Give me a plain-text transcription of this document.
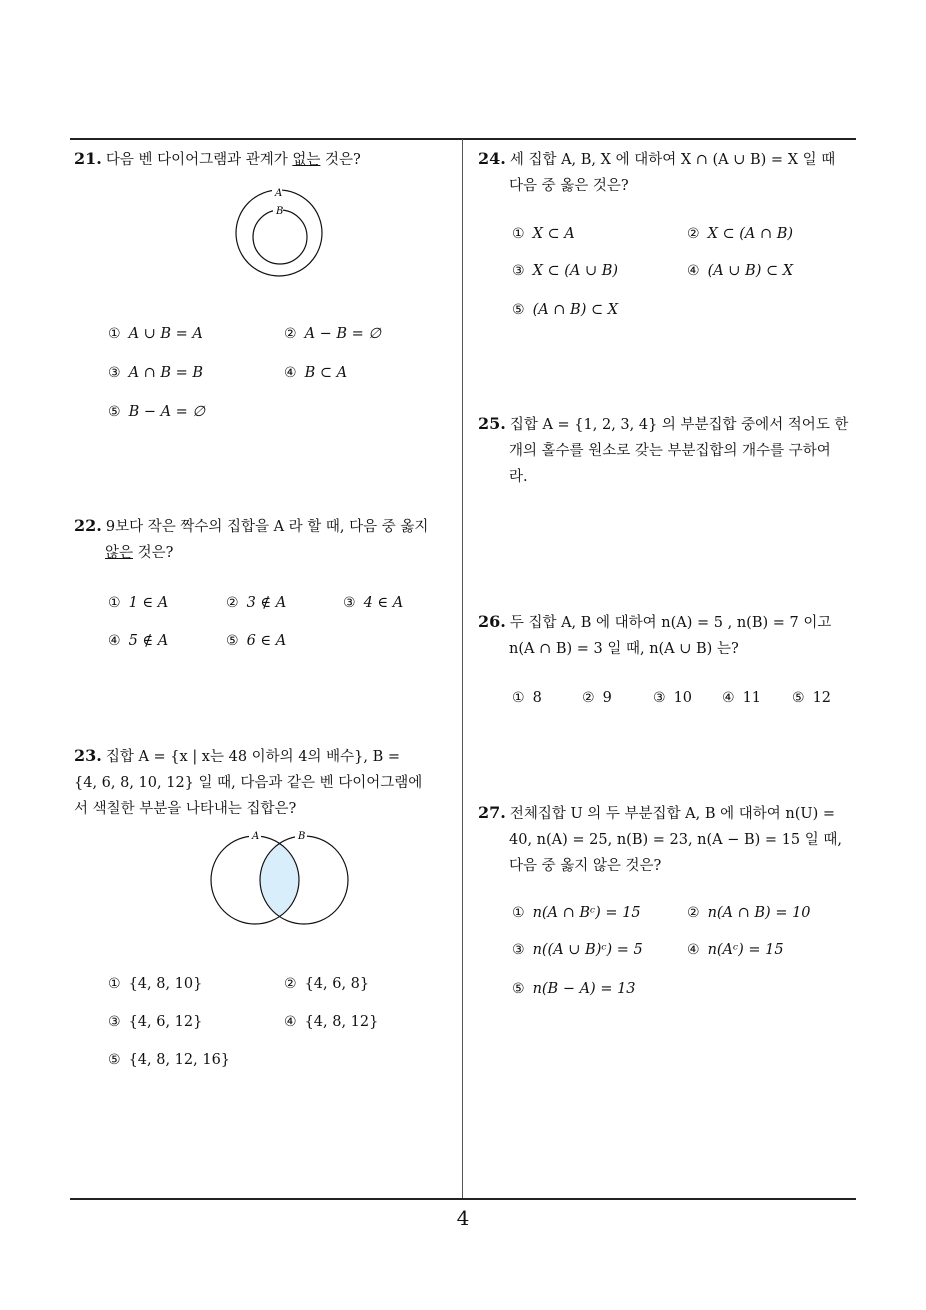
21. 다음 벤 다이어그램과 관계가 없는 것은?
A
B
① A ∪ B = A	② A − B = ∅
③ A ∩ B = B	④ B ⊂ A
⑤ B − A = ∅
22. 9보다 작은 짝수의 집합을 A 라 할 때, 다음 중 옳지
않은 것은?
① 1 ∈ A	② 3 ∉ A	③ 4 ∈ A
④ 5 ∉ A	⑤ 6 ∈ A
23. 집합 A = {x | x는 48 이하의 4의 배수}, B =
{4, 6, 8, 10, 12} 일 때, 다음과 같은 벤 다이어그램에
서 색칠한 부분을 나타내는 집합은?
A	B
① {4, 8, 10}	② {4, 6, 8}
③ {4, 6, 12}	④ {4, 8, 12}
⑤ {4, 8, 12, 16}
24. 세 집합 A, B, X 에 대하여 X ∩ (A ∪ B) = X 일 때
다음 중 옳은 것은?
① X ⊂ A	② X ⊂ (A ∩ B)
③ X ⊂ (A ∪ B)	④ (A ∪ B) ⊂ X
⑤ (A ∩ B) ⊂ X
25. 집합 A = {1, 2, 3, 4} 의 부분집합 중에서 적어도 한
개의 홀수를 원소로 갖는 부분집합의 개수를 구하여
라.
26. 두 집합 A, B 에 대하여 n(A) = 5 , n(B) = 7 이고
n(A ∩ B) = 3 일 때, n(A ∪ B) 는?
① 8	② 9	③ 10 ④ 11 ⑤ 12
27. 전체집합 U 의 두 부분집합 A, B 에 대하여 n(U) =
40, n(A) = 25, n(B) = 23, n(A − B) = 15 일 때,
다음 중 옳지 않은 것은?
① n(A ∩ Bᶜ) = 15	② n(A ∩ B) = 10
③ n((A ∪ B)ᶜ) = 5	④ n(Aᶜ) = 15
⑤ n(B − A) = 13
4
